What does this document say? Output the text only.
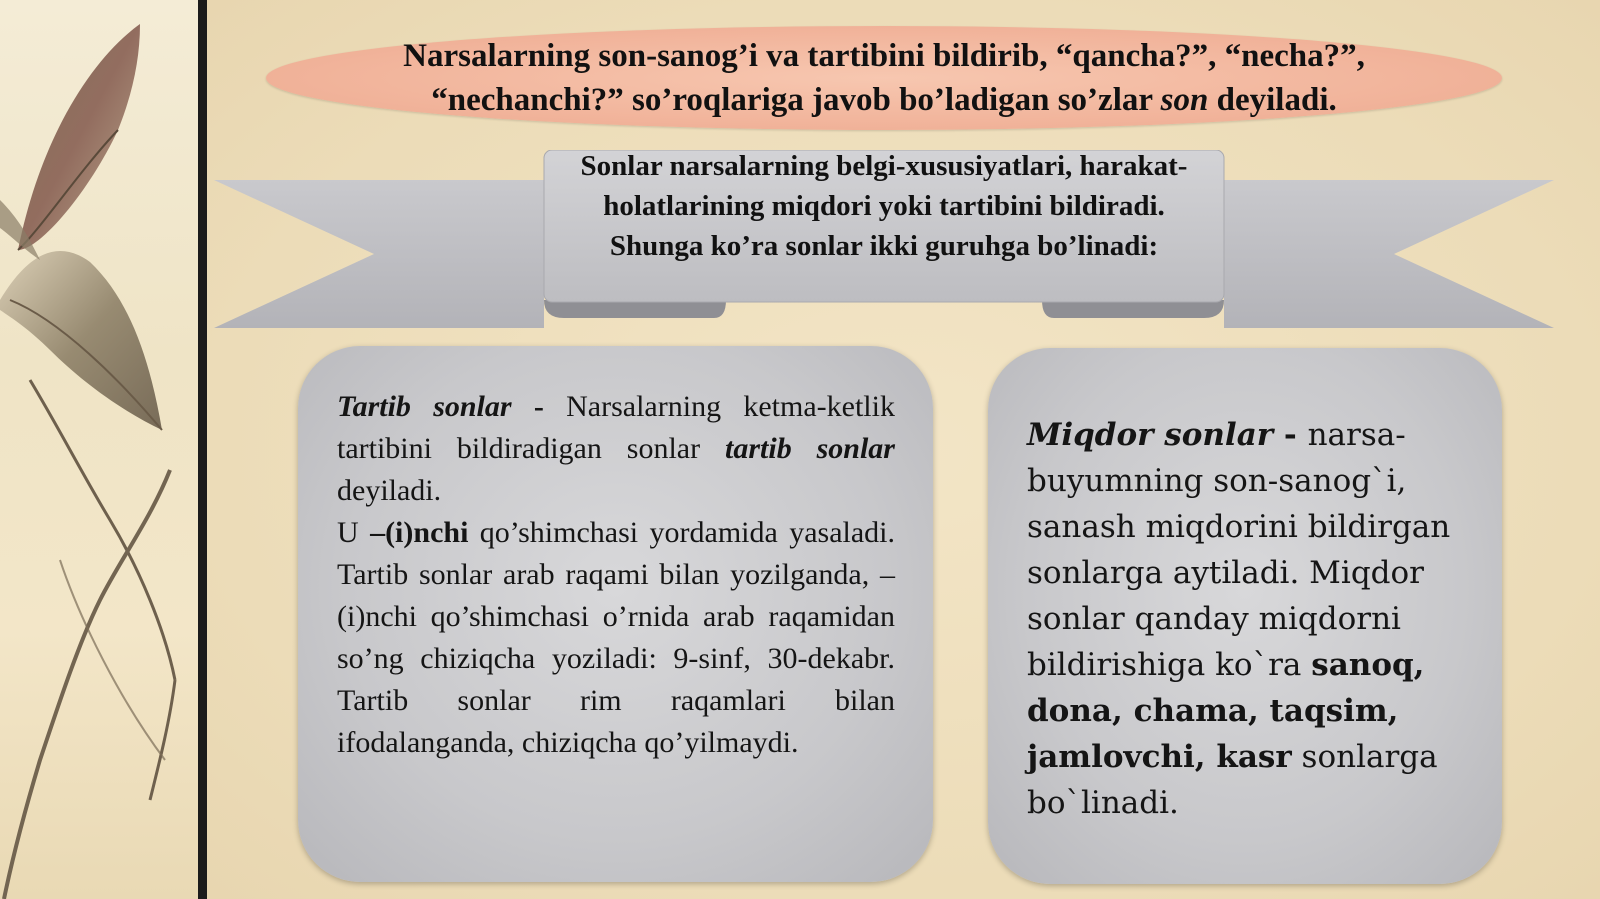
Narsalarning son-sanog’i va tartibini bildirib, “qancha?”, “necha?”, “nechanchi?” so’roqlariga javob bo’ladigan so’zlar son deyiladi.
Sonlar narsalarning belgi-xususiyatlari, harakat-holatlarining miqdori yoki tartibini bildiradi. Shunga ko’ra sonlar ikki guruhga bo’linadi:

Tartib sonlar - Narsalarning ketma-ketlik tartibini bildiradigan sonlar tartib sonlar deyiladi.

U –(i)nchi qo’shimchasi yordamida yasaladi.

Tartib sonlar arab raqami bilan yozilganda, –(i)nchi qo’shimchasi o’rnida arab raqamidan so’ng chiziqcha yoziladi: 9-sinf, 30-dekabr.

Tartib sonlar rim raqamlari bilan ifodalanganda, chiziqcha qo’yilmaydi.

Miqdor sonlar - narsa-buyumning son-sanog`i, sanash miqdorini bildirgan sonlarga aytiladi. Miqdor sonlar qanday miqdorni bildirishiga ko`ra sanoq, dona, chama, taqsim, jamlovchi, kasr sonlarga bo`linadi.
